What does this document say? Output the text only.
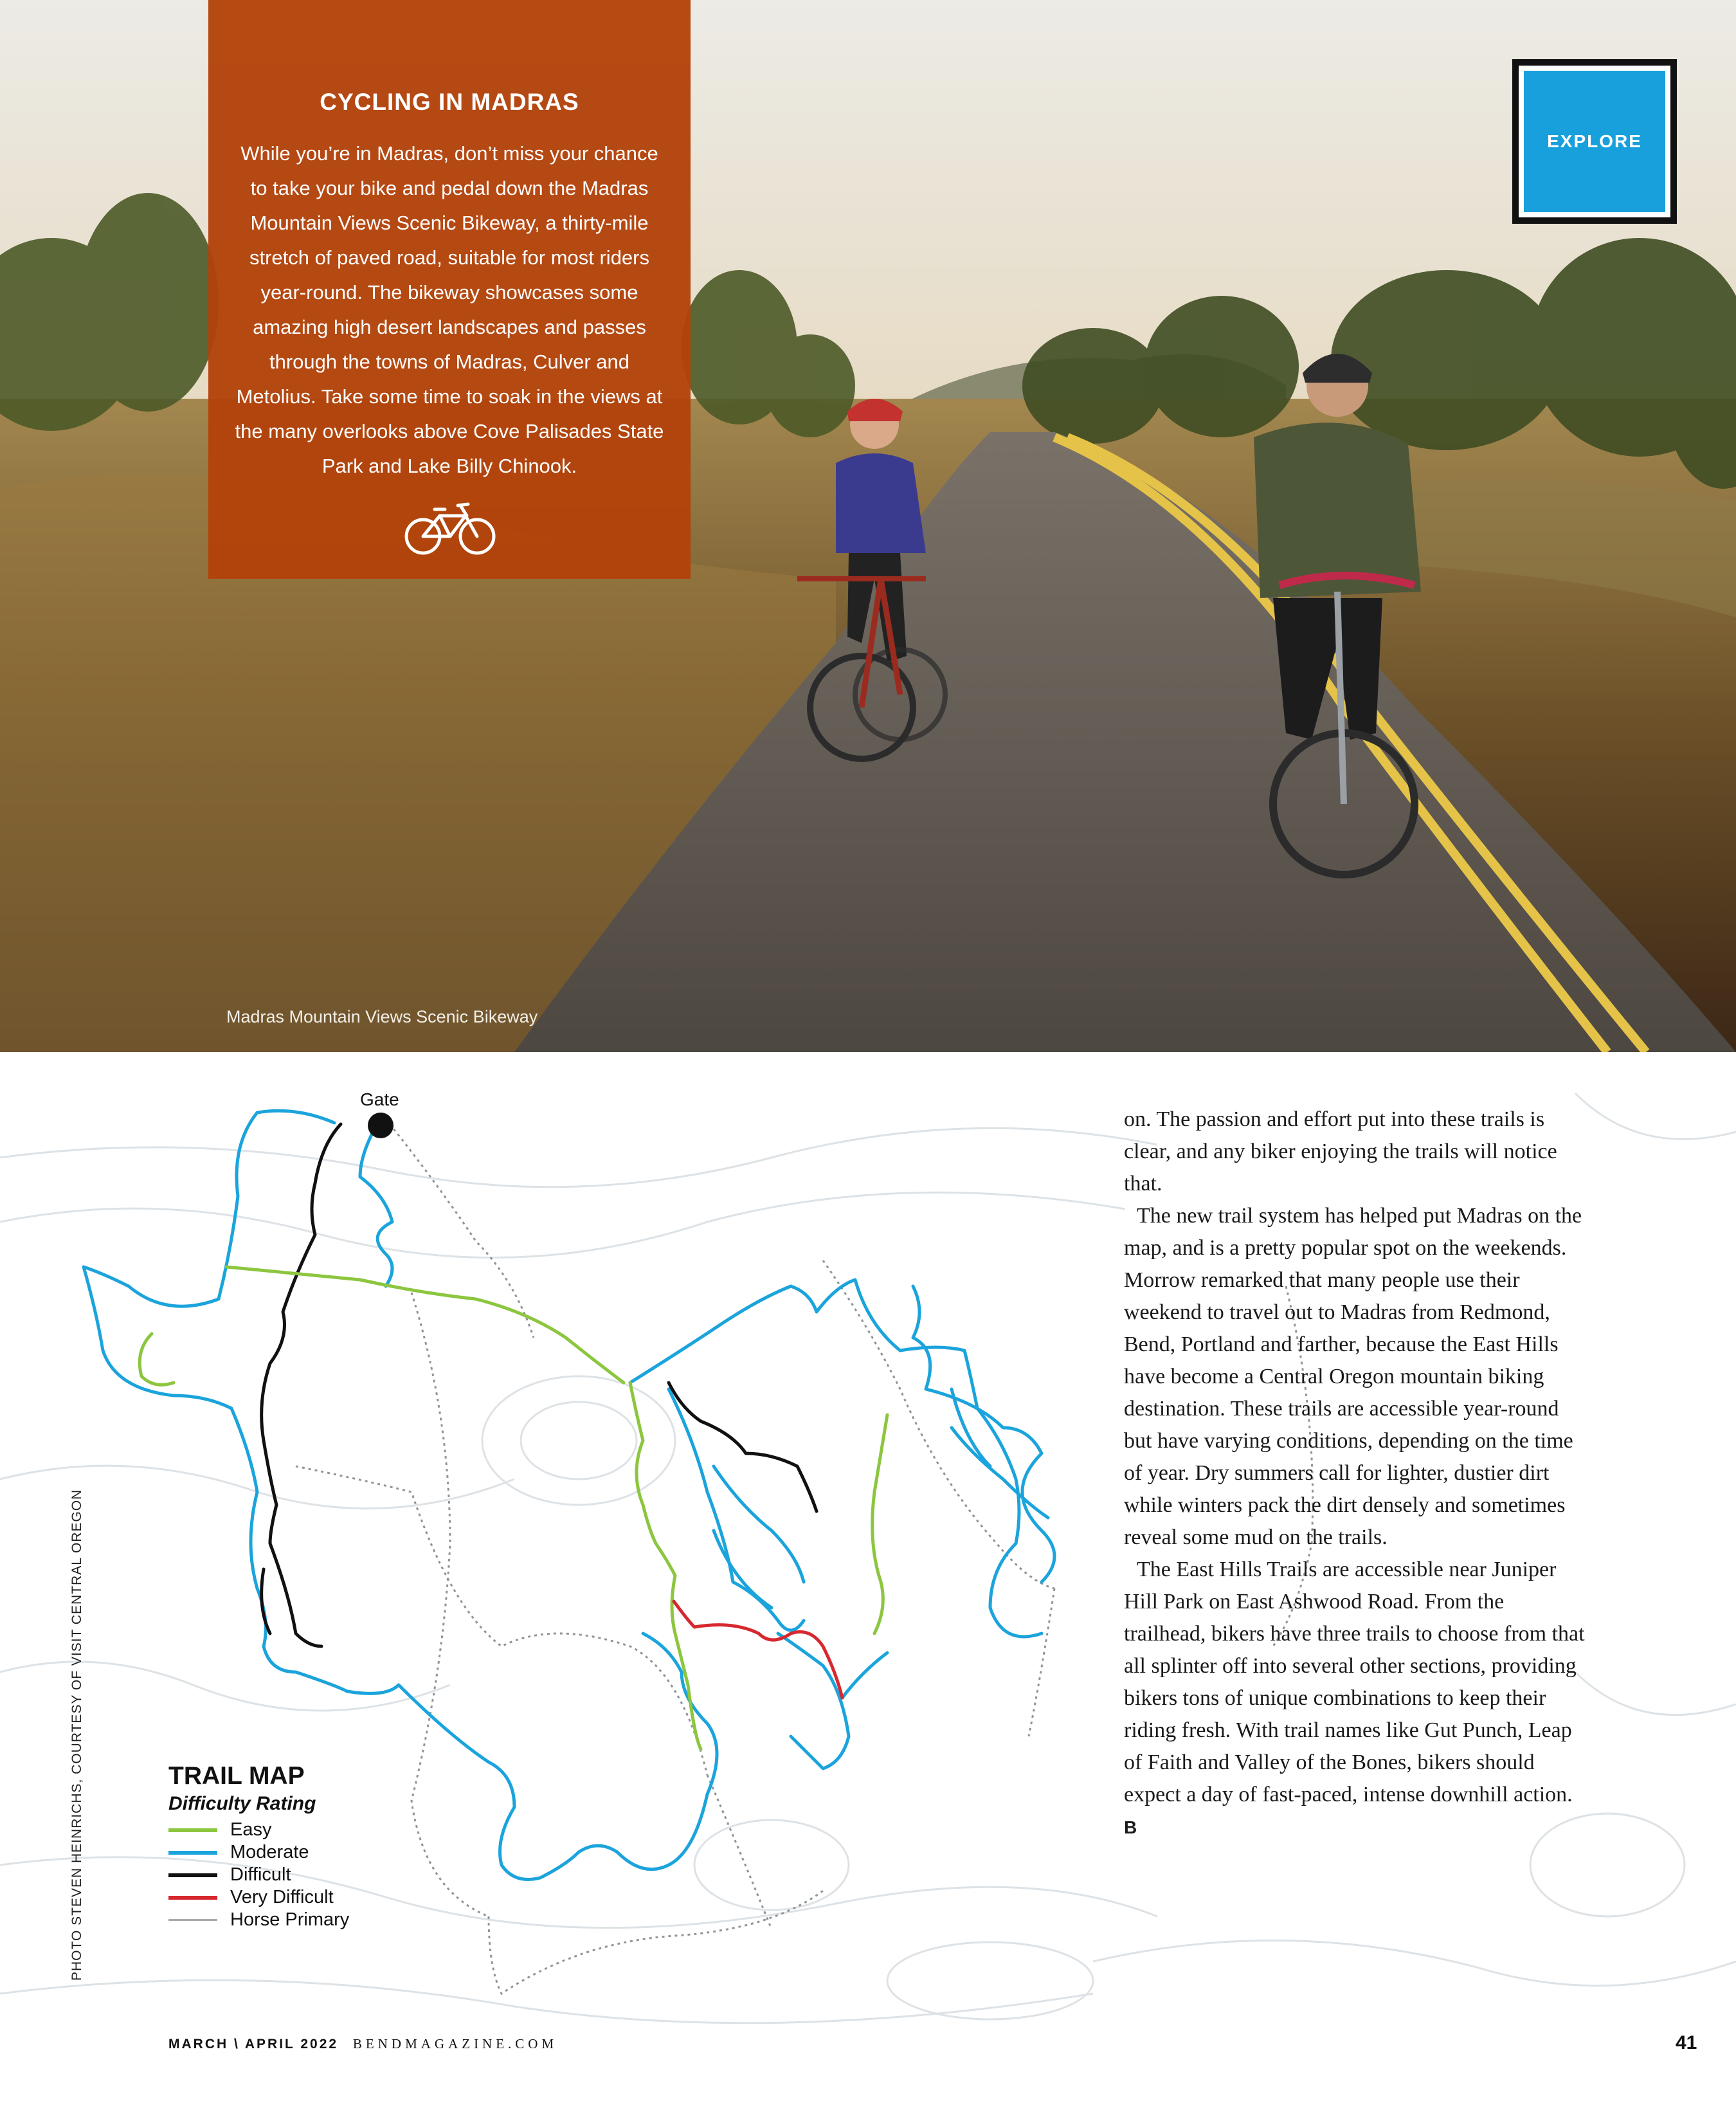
Madras Mountain Views Scenic Bikeway
CYCLING IN MADRAS
While you’re in Madras, don’t miss your chance
to take your bike and pedal down the Madras
Mountain Views Scenic Bikeway, a thirty-mile
stretch of paved road, suitable for most riders
year-round. The bikeway showcases some
amazing high desert landscapes and passes
through the towns of Madras, Culver and
Metolius. Take some time to soak in the views at
the many overlooks above Cove Palisades State
Park and Lake Billy Chinook.
EXPLORE
Gate
TRAIL MAP
Difficulty Rating
Easy
Moderate
Difficult
Very Difficult
Horse Primary

on. The passion and effort put into these trails is clear, and any biker enjoying the trails will notice that.

The new trail system has helped put Madras on the map, and is a pretty popular spot on the weekends. Morrow remarked that many people use their weekend to travel out to Madras from Redmond, Bend, Portland and farther, because the East Hills have become a Central Oregon mountain biking destination. These trails are accessible year-round but have varying conditions, depending on the time of year. Dry summers call for lighter, dustier dirt while winters pack the dirt densely and sometimes reveal some mud on the trails.

The East Hills Trails are accessible near Juniper Hill Park on East Ashwood Road. From the trailhead, bikers have three trails to choose from that all splinter off into several other sections, providing bikers tons of unique combinations to keep their riding fresh. With trail names like Gut Punch, Leap of Faith and Valley of the Bones, bikers should expect a day of fast-paced, intense downhill action. B

PHOTO STEVEN HEINRICHS, COURTESY OF VISIT CENTRAL OREGON
MARCH \ APRIL 2022 BENDMAGAZINE.COM	41
